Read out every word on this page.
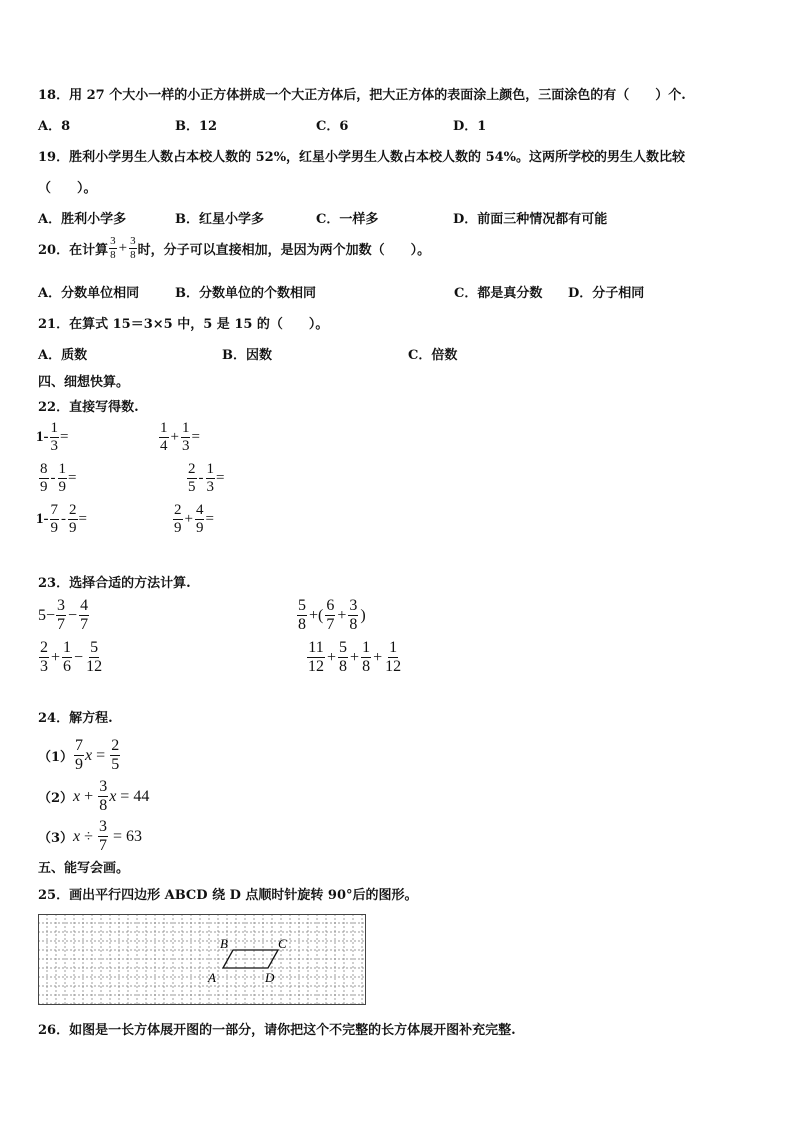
18．用 27 个大小一样的小正方体拼成一个大正方体后，把大正方体的表面涂上颜色，三面涂色的有（　　）个.
A．8	B．12	C．6	D．1
19．胜利小学男生人数占本校人数的 52%，红星小学男生人数占本校人数的 54%。这两所学校的男生人数比较
（　　）。
A．胜利小学多	B．红星小学多	C．一样多	D．前面三种情况都有可能
20．在计算 $\frac{3}{8} + \frac{3}{8}$ 时，分子可以直接相加，是因为两个加数（　　）。
A．分数单位相同	B．分数单位的个数相同	C．都是真分数 D．分子相同
21．在算式 15＝3×5 中，5 是 15 的（　　）。
A．质数	B．因数	C．倍数
四、细想快算。
22．直接写得数.
$1- \frac{1}{3}$ =	$\frac{1}{4} + \frac{1}{3}$ =
$\frac{8}{9} - \frac{1}{9}$ =	$\frac{2}{5} - \frac{1}{3}$ =
$1- \frac{7}{9} - \frac{2}{9}$ =	$\frac{2}{9} + \frac{4}{9}$ =
23．选择合适的方法计算.
$5- \frac{3}{7} - \frac{4}{7}$	$\frac{5}{8}$ +( $\frac{6}{7} + \frac{3}{8}$ )
$\frac{2}{3} + \frac{1}{6} - \frac{5}{12}$	$\frac{11}{12} + \frac{5}{8} + \frac{1}{8} + \frac{1}{12}$
24．解方程.
$(1) \frac{7}{9}$ $x = \frac{2}{5}$
（2） $x + \frac{3}{8}$ x = 44
（3） $x \div \frac{3}{7} = 63$
五、能写会画。
25．画出平行四边形 ABCD 绕 D 点顺时针旋转 90°后的图形。
B	C
A	D
26．如图是一长方体展开图的一部分，请你把这个不完整的长方体展开图补充完整.
